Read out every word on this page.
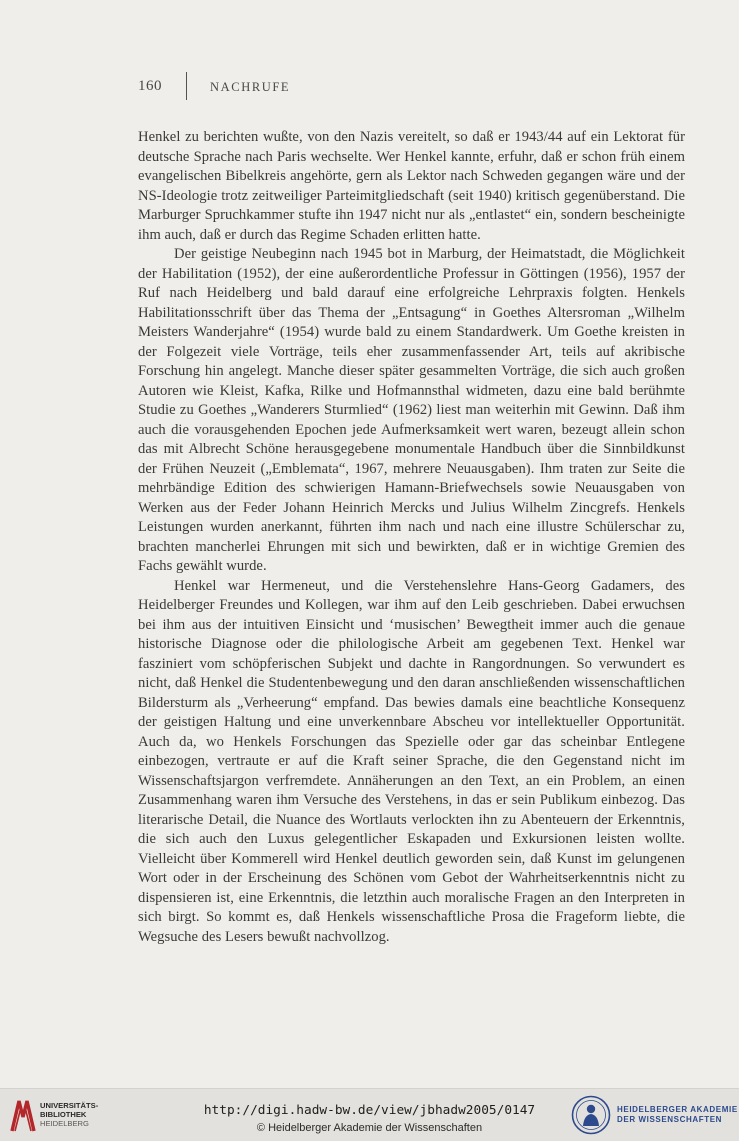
160	NACHRUFE

Henkel zu berichten wußte, von den Nazis vereitelt, so daß er 1943/44 auf ein Lektorat für deutsche Sprache nach Paris wechselte. Wer Henkel kannte, erfuhr, daß er schon früh einem evangelischen Bibelkreis angehörte, gern als Lektor nach Schweden gegangen wäre und der NS-Ideologie trotz zeitweiliger Parteimitgliedschaft (seit 1940) kritisch gegenüberstand. Die Marburger Spruchkammer stufte ihn 1947 nicht nur als „entlastet“ ein, sondern bescheinigte ihm auch, daß er durch das Regime Schaden erlitten hatte.

Der geistige Neubeginn nach 1945 bot in Marburg, der Heimatstadt, die Möglichkeit der Habilitation (1952), der eine außerordentliche Professur in Göttingen (1956), 1957 der Ruf nach Heidelberg und bald darauf eine erfolgreiche Lehrpraxis folgten. Henkels Habilitationsschrift über das Thema der „Entsagung“ in Goethes Altersroman „Wilhelm Meisters Wanderjahre“ (1954) wurde bald zu einem Standardwerk. Um Goethe kreisten in der Folgezeit viele Vorträge, teils eher zusammenfassender Art, teils auf akribische Forschung hin angelegt. Manche dieser später gesammelten Vorträge, die sich auch großen Autoren wie Kleist, Kafka, Rilke und Hofmannsthal widmeten, dazu eine bald berühmte Studie zu Goethes „Wanderers Sturmlied“ (1962) liest man weiterhin mit Gewinn. Daß ihm auch die vorausgehenden Epochen jede Aufmerksamkeit wert waren, bezeugt allein schon das mit Albrecht Schöne herausgegebene monumentale Handbuch über die Sinnbildkunst der Frühen Neuzeit („Emblemata“, 1967, mehrere Neuausgaben). Ihm traten zur Seite die mehrbändige Edition des schwierigen Hamann-Briefwechsels sowie Neuausgaben von Werken aus der Feder Johann Heinrich Mercks und Julius Wilhelm Zincgrefs. Henkels Leistungen wurden anerkannt, führten ihm nach und nach eine illustre Schülerschar zu, brachten mancherlei Ehrungen mit sich und bewirkten, daß er in wichtige Gremien des Fachs gewählt wurde.

Henkel war Hermeneut, und die Verstehenslehre Hans-Georg Gadamers, des Heidelberger Freundes und Kollegen, war ihm auf den Leib geschrieben. Dabei erwuchsen bei ihm aus der intuitiven Einsicht und ‘musischen’ Bewegtheit immer auch die genaue historische Diagnose oder die philologische Arbeit am gegebenen Text. Henkel war fasziniert vom schöpferischen Subjekt und dachte in Rangordnungen. So verwundert es nicht, daß Henkel die Studentenbewegung und den daran anschließenden wissenschaftlichen Bildersturm als „Verheerung“ empfand. Das bewies damals eine beachtliche Konsequenz der geistigen Haltung und eine unverkennbare Abscheu vor intellektueller Opportunität. Auch da, wo Henkels Forschungen das Spezielle oder gar das scheinbar Entlegene einbezogen, vertraute er auf die Kraft seiner Sprache, die den Gegenstand nicht im Wissenschaftsjargon verfremdete. Annäherungen an den Text, an ein Problem, an einen Zusammenhang waren ihm Versuche des Verstehens, in das er sein Publikum einbezog. Das literarische Detail, die Nuance des Wortlauts verlockten ihn zu Abenteuern der Erkenntnis, die sich auch den Luxus gelegentlicher Eskapaden und Exkursionen leisten wollte. Vielleicht über Kommerell wird Henkel deutlich geworden sein, daß Kunst im gelungenen Wort oder in der Erscheinung des Schönen vom Gebot der Wahrheitserkenntnis nicht zu dispensieren ist, eine Erkenntnis, die letzthin auch moralische Fragen an den Interpreten in sich birgt. So kommt es, daß Henkels wissenschaftliche Prosa die Frageform liebte, die Wegsuche des Lesers bewußt nachvollzog.

UNIVERSITÄTS-
BIBLIOTHEK
HEIDELBERG
http://digi.hadw-bw.de/view/jbhadw2005/0147
© Heidelberger Akademie der Wissenschaften
HEIDELBERGER AKADEMIE
DER WISSENSCHAFTEN
